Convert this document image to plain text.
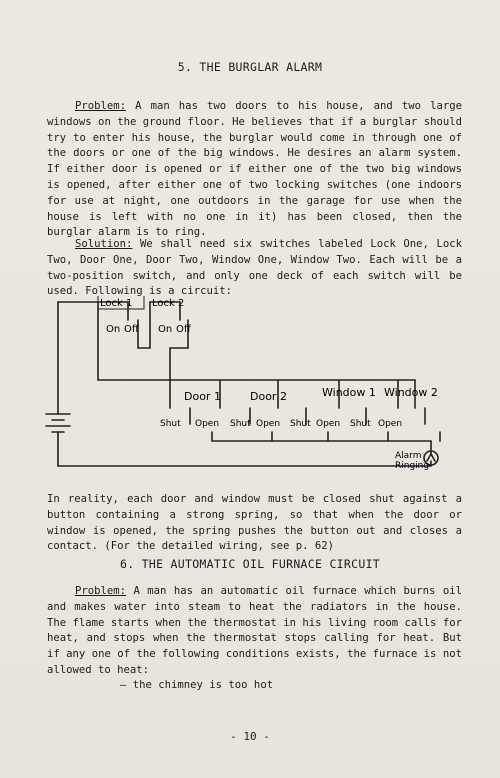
5. THE BURGLAR ALARM
Problem: A man has two doors to his house, and two large windows on the ground floor. He believes that if a burglar should try to enter his house, the burglar would come in through one of the doors or one of the big windows. He desires an alarm system. If either door is opened or if either one of the two big windows is opened, after either one of two locking switches (one indoors for use at night, one outdoors in the garage for use when the house is left with no one in it) has been closed, then the burglar alarm is to ring.
Solution: We shall need six switches labeled Lock One, Lock Two, Door One, Door Two, Window One, Window Two. Each will be a two-position switch, and only one deck of each switch will be used. Following is a circuit:
Lock 1 Lock 2
On Off On Off
Door 1	Door 2	Window 1 Window 2
Shut Open Shut Open Shut Open Shut Open
Alarm
Ringing
In reality, each door and window must be closed shut against a button containing a strong spring, so that when the door or window is opened, the spring pushes the button out and closes a contact. (For the detailed wiring, see p. 62)
6. THE AUTOMATIC OIL FURNACE CIRCUIT
Problem: A man has an automatic oil furnace which burns oil and makes water into steam to heat the radiators in the house. The flame starts when the thermostat in his living room calls for heat, and stops when the thermostat stops calling for heat. But if any one of the following conditions exists, the furnace is not allowed to heat:
— the chimney is too hot
- 10 -
